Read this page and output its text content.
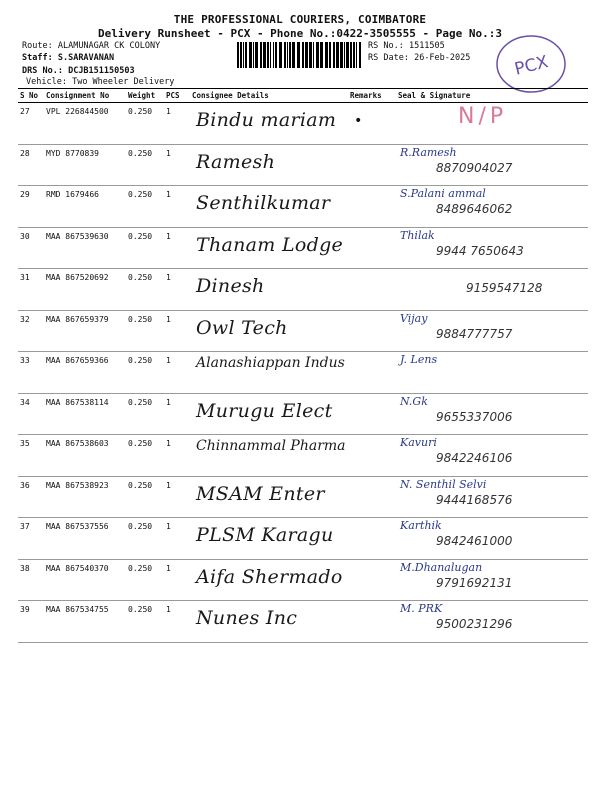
THE PROFESSIONAL COURIERS, COIMBATORE
Delivery Runsheet - PCX - Phone No.:0422-3505555 - Page No.:3
Route: ALAMUNAGAR CK COLONY
Staff: S.SARAVANAN
DRS No.: DCJB151150503
Vehicle: Two Wheeler Delivery
RS No.: 1511505
RS Date: 26-Feb-2025 PCX
S No	Consignment No	Weight	PCS	Consignee Details	Remarks	Seal & Signature
27	VPL 226844500	0.250	1	Bindu mariam	•	N/P

28	MYD 8770839	0.250	1	Ramesh		R.Ramesh
8870904027

29	RMD 1679466	0.250	1	Senthilkumar		S.Palani ammal
8489646062

30	MAA 867539630	0.250	1	Thanam Lodge		Thilak
9944 7650643

31	MAA 867520692	0.250	1	Dinesh		9159547128

32	MAA 867659379	0.250	1	Owl Tech		Vijay
9884777757

33	MAA 867659366	0.250	1	Alanashiappan Indus		J. Lens

34	MAA 867538114	0.250	1	Murugu Elect		N.Gk
9655337006

35	MAA 867538603	0.250	1	Chinnammal Pharma		Kavuri
9842246106

36	MAA 867538923	0.250	1	MSAM Enter		N. Senthil Selvi
9444168576

37	MAA 867537556	0.250	1	PLSM Karagu		Karthik
9842461000

38	MAA 867540370	0.250	1	Aifa Shermado		M.Dhanalugan
9791692131

39	MAA 867534755	0.250	1	Nunes Inc		M. PRK
9500231296
